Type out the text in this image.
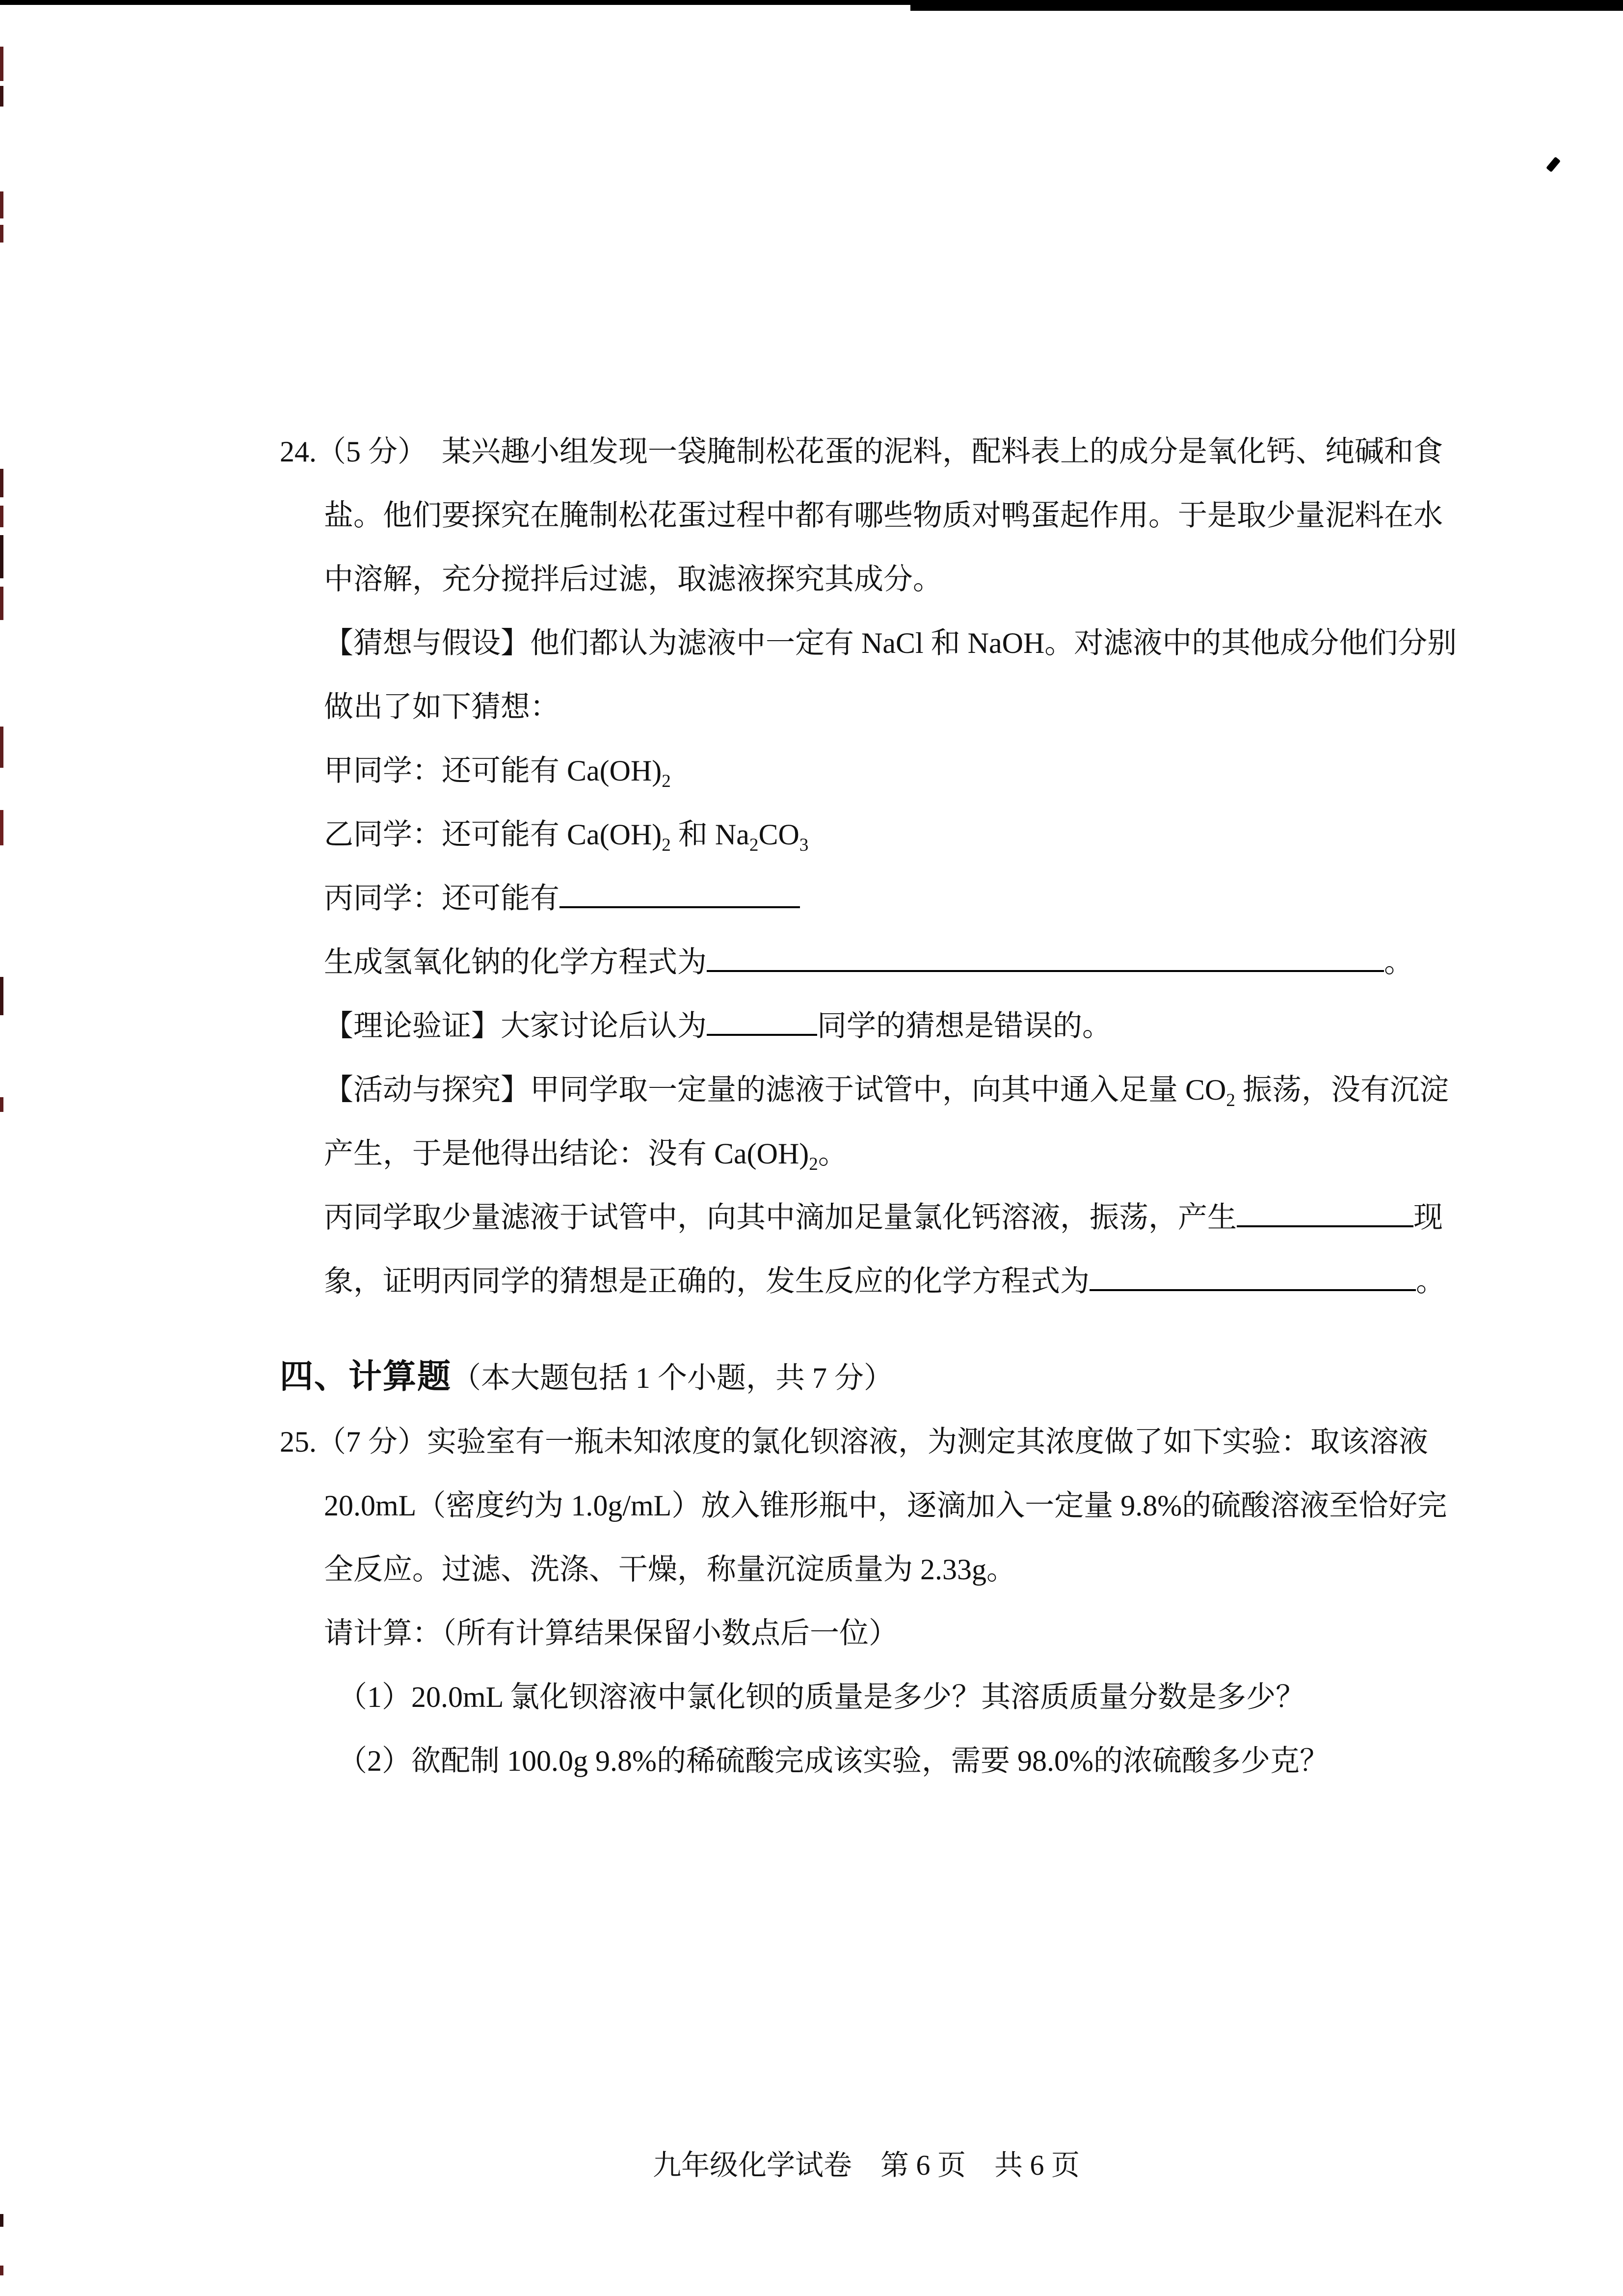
24.（5 分）　某兴趣小组发现一袋腌制松花蛋的泥料，配料表上的成分是氧化钙、纯碱和食

盐。他们要探究在腌制松花蛋过程中都有哪些物质对鸭蛋起作用。于是取少量泥料在水

中溶解，充分搅拌后过滤，取滤液探究其成分。

【猜想与假设】他们都认为滤液中一定有 NaCl 和 NaOH。对滤液中的其他成分他们分别

做出了如下猜想：

甲同学：还可能有 $Ca(OH)_2$

乙同学：还可能有 $Ca(OH)_2$ 和 $Na_2CO_3$

丙同学：还可能有

生成氢氧化钠的化学方程式为	。

【理论验证】大家讨论后认为	同学的猜想是错误的。

【活动与探究】甲同学取一定量的滤液于试管中，向其中通入足量 $CO_2$ 振荡，没有沉淀

产生，于是他得出结论：没有 $Ca(OH)_2$。

丙同学取少量滤液于试管中，向其中滴加足量氯化钙溶液，振荡，产生	现

象，证明丙同学的猜想是正确的，发生反应的化学方程式为	。

四、计算题（本大题包括 1 个小题，共 7 分）

25.（7 分）实验室有一瓶未知浓度的氯化钡溶液，为测定其浓度做了如下实验：取该溶液

20.0mL（密度约为 1.0g/mL）放入锥形瓶中，逐滴加入一定量 9.8%的硫酸溶液至恰好完

全反应。过滤、洗涤、干燥，称量沉淀质量为 2.33g。

请计算：（所有计算结果保留小数点后一位）

（1）20.0mL 氯化钡溶液中氯化钡的质量是多少？其溶质质量分数是多少？

（2）欲配制 100.0g 9.8%的稀硫酸完成该实验，需要 98.0%的浓硫酸多少克？

九年级化学试卷　第 6 页　共 6 页
